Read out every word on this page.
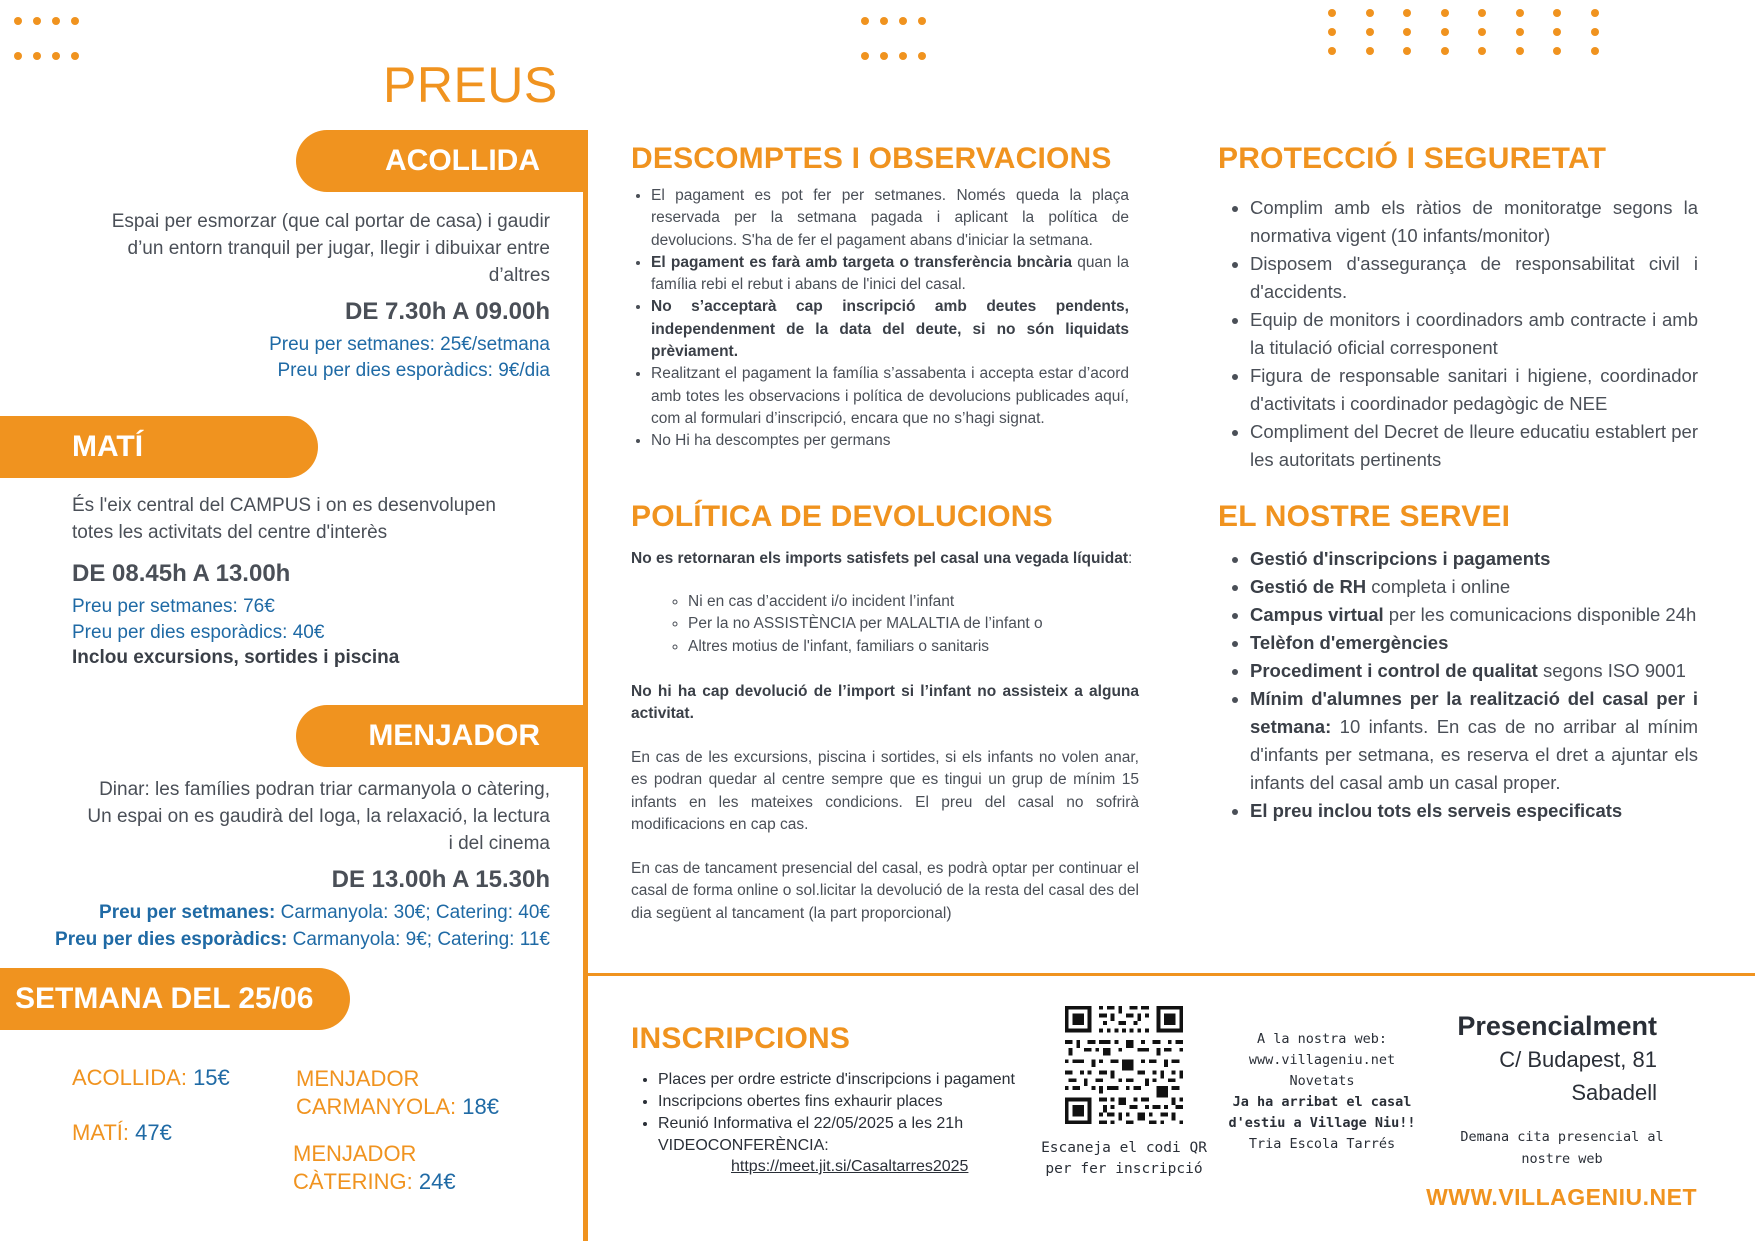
PREUS
ACOLLIDA
Espai per esmorzar (que cal portar de casa) i gaudir d’un entorn tranquil per jugar, llegir i dibuixar entre d’altres
DE 7.30h A 09.00h
Preu per setmanes: 25€/setmana
Preu per dies esporàdics: 9€/dia
MATÍ
És l'eix central del CAMPUS i on es desenvolupen totes les activitats del centre d'interès
DE 08.45h A 13.00h
Preu per setmanes: 76€
Preu per dies esporàdics: 40€
Inclou excursions, sortides i piscina
MENJADOR
Dinar: les famílies podran triar carmanyola o càtering, Un espai on es gaudirà del Ioga, la relaxació, la lectura i del cinema
DE 13.00h A 15.30h
Preu per setmanes: Carmanyola: 30€; Catering: 40€
Preu per dies esporàdics: Carmanyola: 9€; Catering: 11€
SETMANA DEL 25/06
ACOLLIDA: 15€
MATÍ: 47€
MENJADOR
CARMANYOLA: 18€
MENJADOR
CÀTERING: 24€
DESCOMPTES I OBSERVACIONS
• El pagament es pot fer per setmanes. Només queda la plaça reservada per la setmana pagada i aplicant la política de devolucions. S'ha de fer el pagament abans d'iniciar la setmana.
• El pagament es farà amb targeta o transferència bncària quan la família rebi el rebut i abans de l'inici del casal.
• No s’acceptarà cap inscripció amb deutes pendents, independenment de la data del deute, si no són liquidats prèviament.
• Realitzant el pagament la família s’assabenta i accepta estar d’acord amb totes les observacions i política de devolucions publicades aquí, com al formulari d’inscripció, encara que no s’hagi signat.
• No Hi ha descomptes per germans
POLÍTICA DE DEVOLUCIONS

No es retornaran els imports satisfets pel casal una vegada líquidat:

◦ Ni en cas d’accident i/o incident l’infant
◦ Per la no ASSISTÈNCIA per MALALTIA de l’infant o
◦ Altres motius de l'infant, familiars o sanitaris

No hi ha cap devolució de l’import si l’infant no assisteix a alguna activitat.

En cas de les excursions, piscina i sortides, si els infants no volen anar, es podran quedar al centre sempre que es tingui un grup de mínim 15 infants en les mateixes condicions. El preu del casal no sofrirà modificacions en cap cas.

En cas de tancament presencial del casal, es podrà optar per continuar el casal de forma online o sol.licitar la devolució de la resta del casal des del dia següent al tancament (la part proporcional)

PROTECCIÓ I SEGURETAT
• Complim amb els ràtios de monitoratge segons la normativa vigent (10 infants/monitor)
• Disposem d'assegurança de responsabilitat civil i d'accidents.
• Equip de monitors i coordinadors amb contracte i amb la titulació oficial corresponent
• Figura de responsable sanitari i higiene, coordinador d'activitats i coordinador pedagògic de NEE
• Compliment del Decret de lleure educatiu establert per les autoritats pertinents
EL NOSTRE SERVEI
• Gestió d'inscripcions i pagaments
• Gestió de RH completa i online
• Campus virtual per les comunicacions disponible 24h
• Telèfon d'emergències
• Procediment i control de qualitat segons ISO 9001
• Mínim d'alumnes per la realització del casal per i setmana: 10 infants. En cas de no arribar al mínim d'infants per setmana, es reserva el dret a ajuntar els infants del casal amb un casal proper.
• El preu inclou tots els serveis especificats
INSCRIPCIONS
• Places per ordre estricte d'inscripcions i pagament
• Inscripcions obertes fins exhaurir places
• Reunió Informativa el 22/05/2025 a les 21h
VIDEOCONFERÈNCIA:
https://meet.jit.si/Casaltarres2025
Escaneja el codi QR
per fer inscripció
A la nostra web:
www.villageniu.net
Novetats
Ja ha arribat el casal
d'estiu a Village Niu!!
Tria Escola Tarrés
Presencialment
C/ Budapest, 81
Sabadell
Demana cita presencial al
nostre web
WWW.VILLAGENIU.NET
